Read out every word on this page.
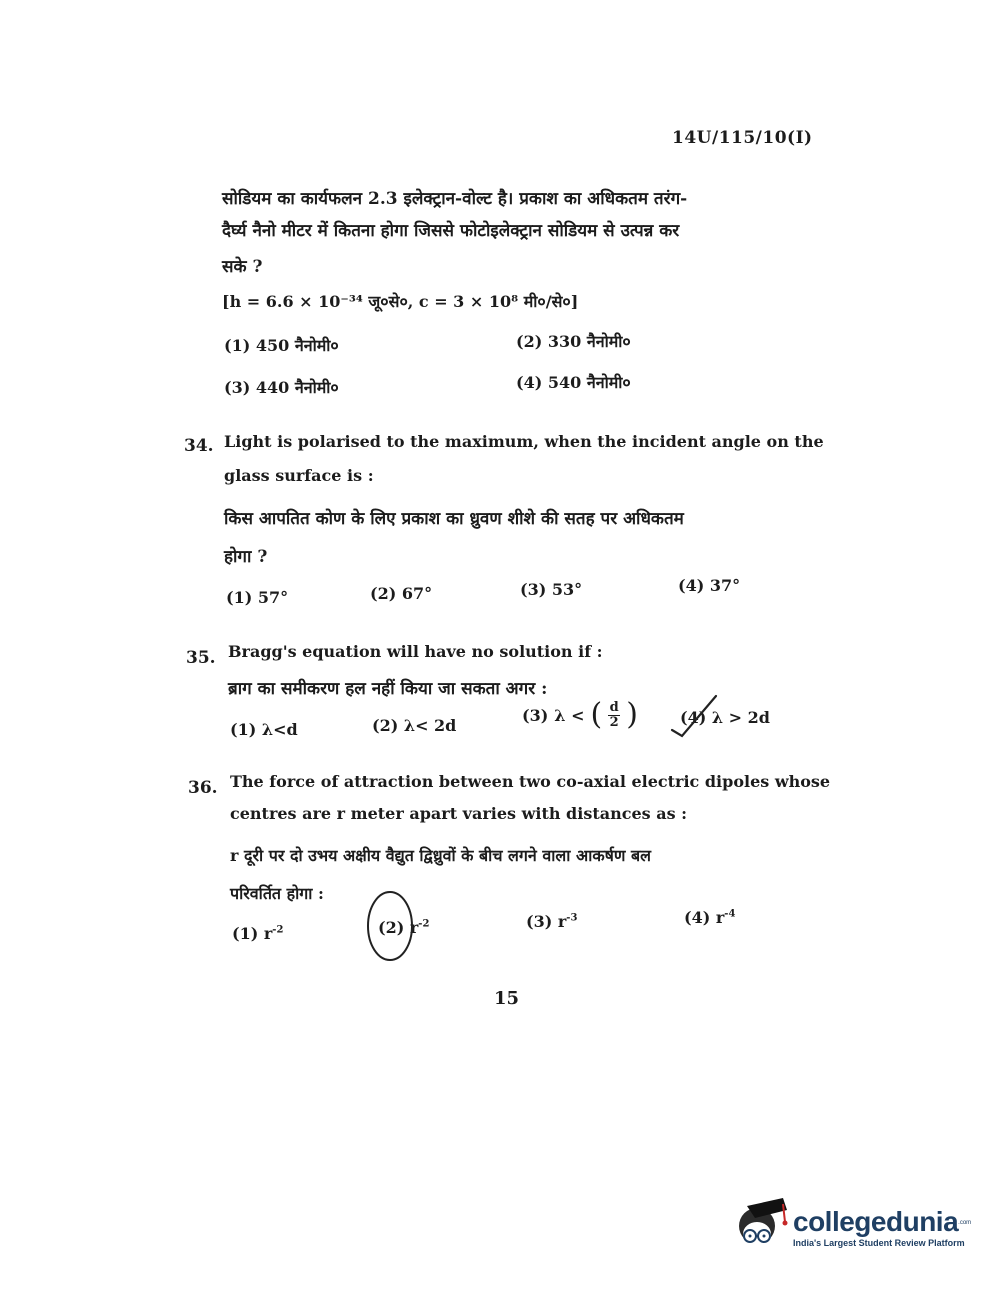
14U/115/10(I)
सोडियम का कार्यफलन 2.3 इलेक्ट्रान-वोल्ट है। प्रकाश का अधिकतम तरंग-
दैर्घ्य नैनो मीटर में कितना होगा जिससे फोटोइलेक्ट्रान सोडियम से उत्पन्न कर
सके ?
[h = 6.6 × 10⁻³⁴ जू०से०, c = 3 × 10⁸ मी०/से०]
(1) 450 नैनोमी०	(2) 330 नैनोमी०
(3) 440 नैनोमी०	(4) 540 नैनोमी०
34. Light is polarised to the maximum, when the incident angle on the
glass surface is :
किस आपतित कोण के लिए प्रकाश का ध्रुवण शीशे की सतह पर अधिकतम
होगा ?
(1) 57°	(2) 67°	(3) 53°	(4) 37°
35. Bragg's equation will have no solution if :
ब्राग का समीकरण हल नहीं किया जा सकता अगर :
(1) λ<d	(2) λ< 2d
(3) λ < ( $\frac{d}{2}$ )	(4) λ > 2d
36. The force of attraction between two co-axial electric dipoles whose
centres are r meter apart varies with distances as :
r दूरी पर दो उभय अक्षीय वैद्युत द्विध्रुवों के बीच लगने वाला आकर्षण बल
परिवर्तित होगा :
(1) $r^{-2}$	(2) $r^{-2}$	(3) $r^{-3}$	(4) $r^{-4}$
15
collegedunia .com
India's Largest Student Review Platform
